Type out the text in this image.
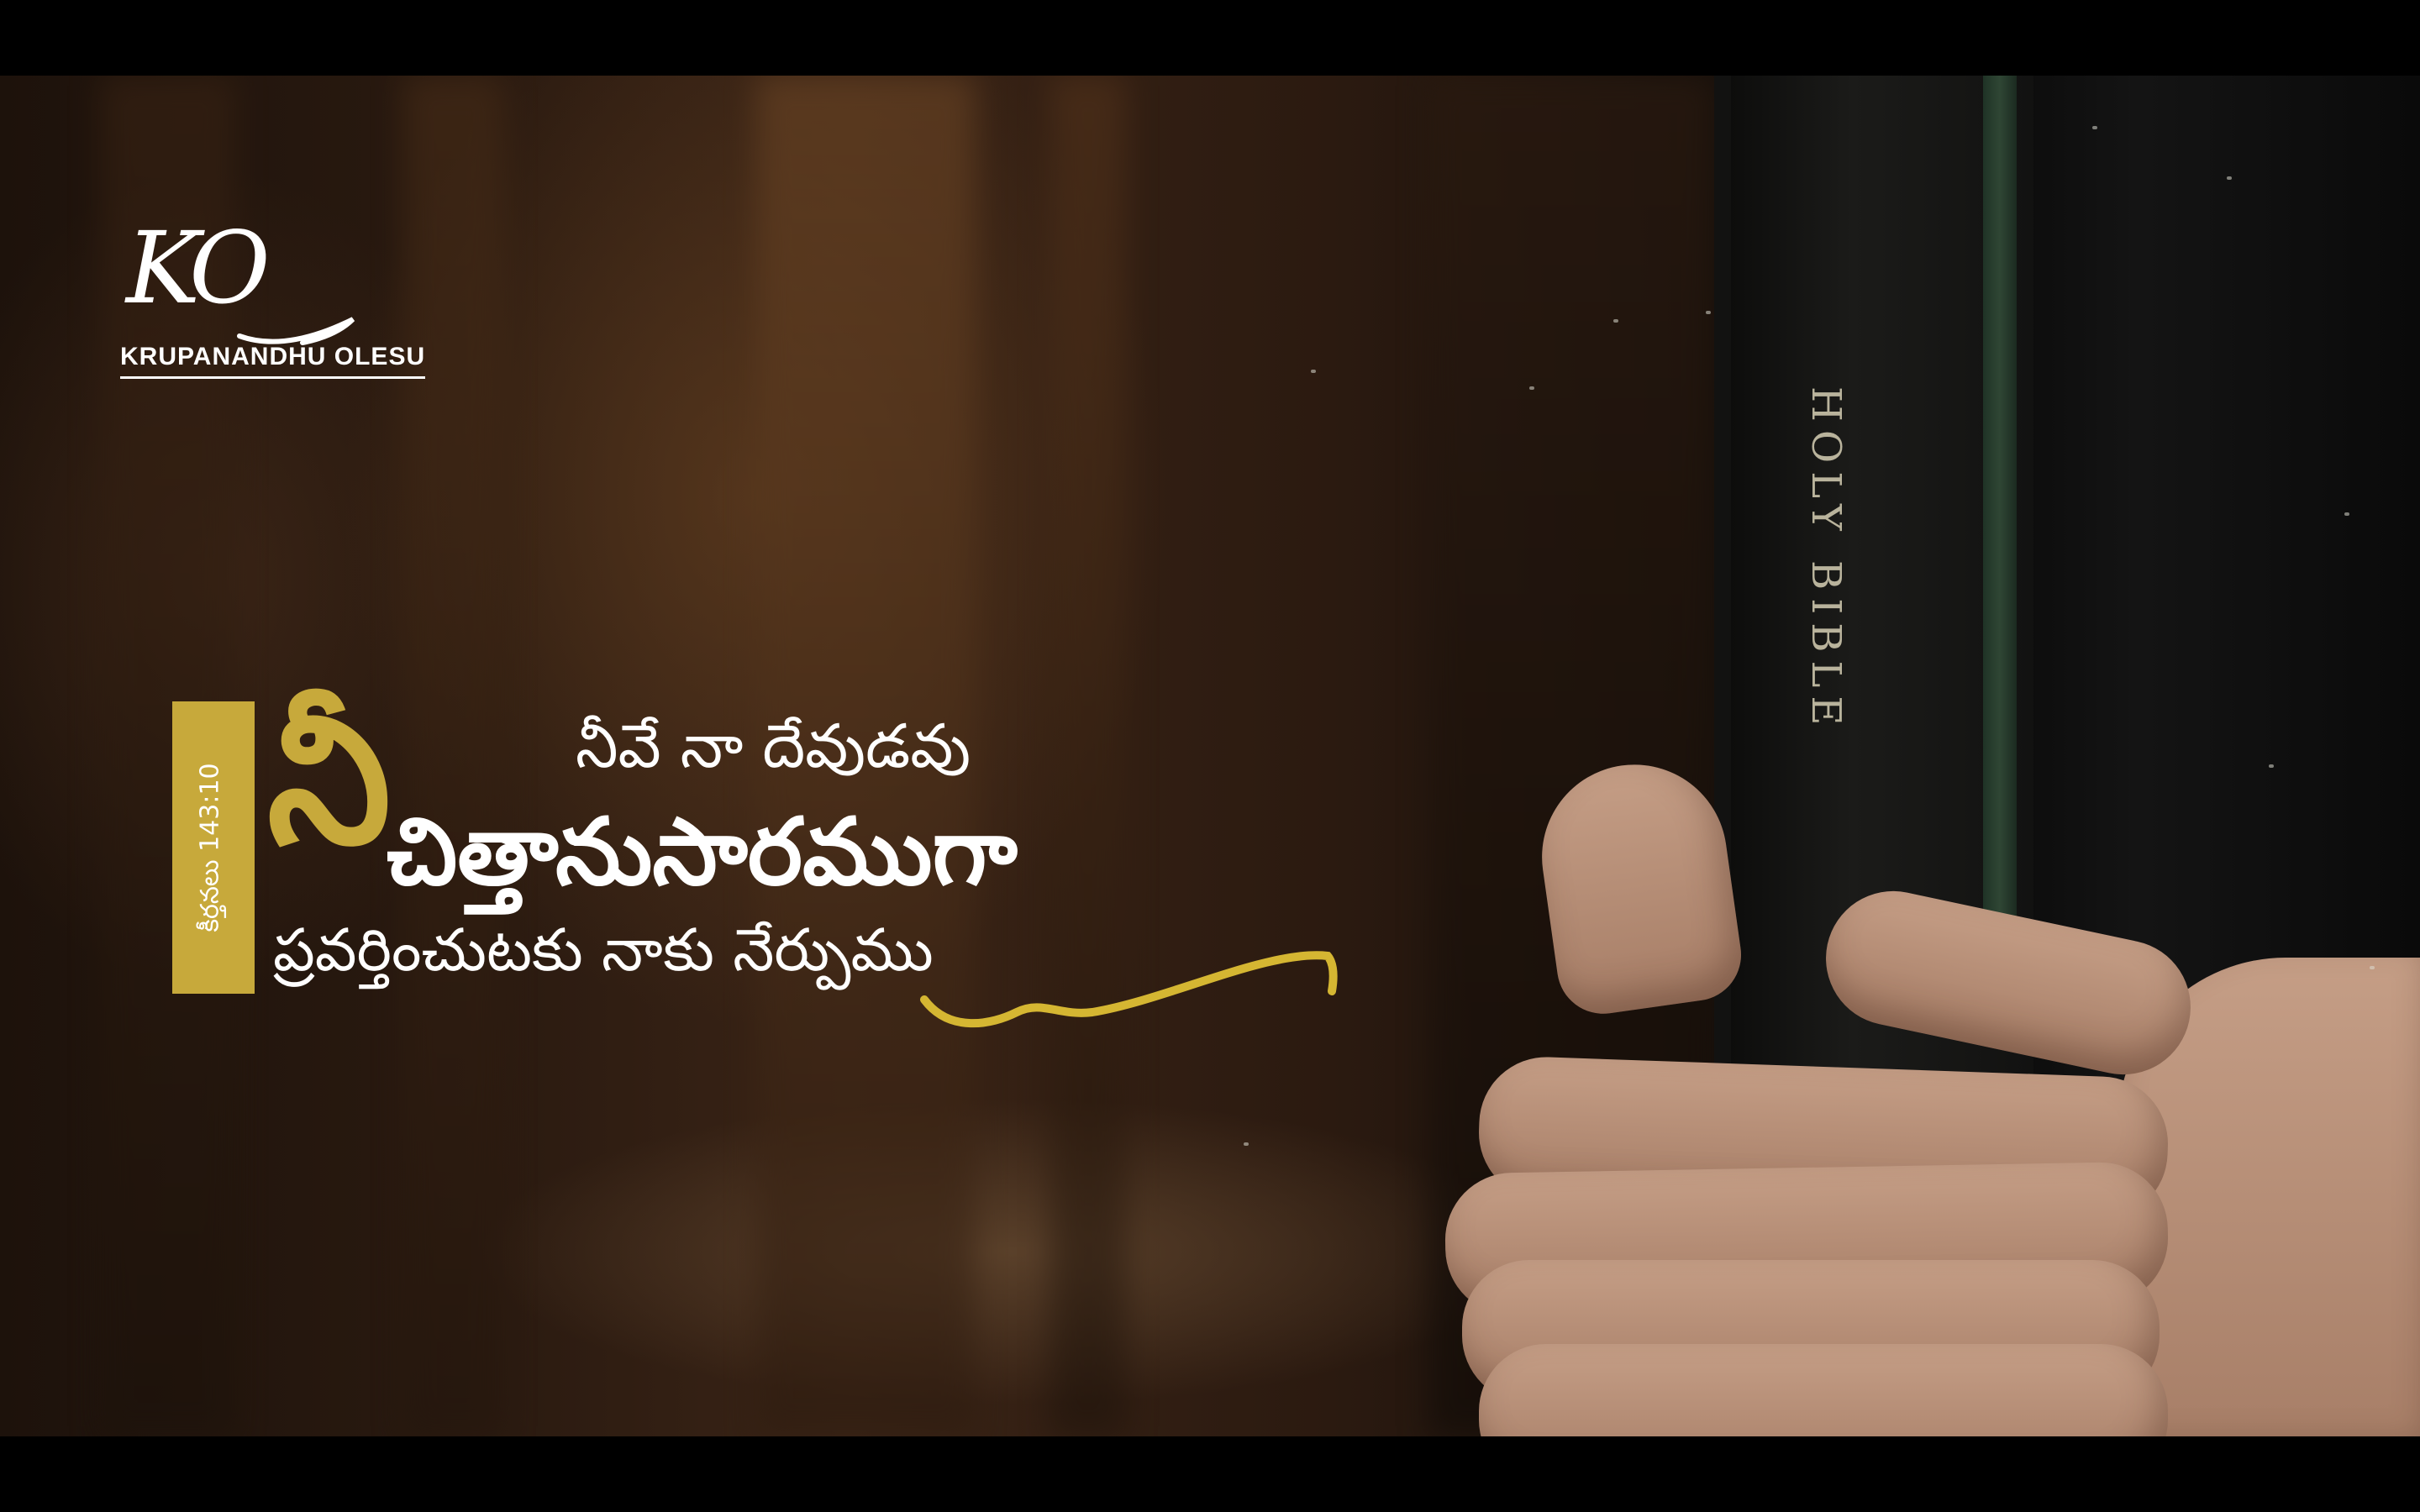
HOLY BIBLE
KO
KRUPANANDHU OLESU
కీర్తనలు 143:10 నీ	నీవే నా దేవుడవు
చిత్తానుసారముగా
ప్రవర్తించుటకు నాకు నేర్పుము
